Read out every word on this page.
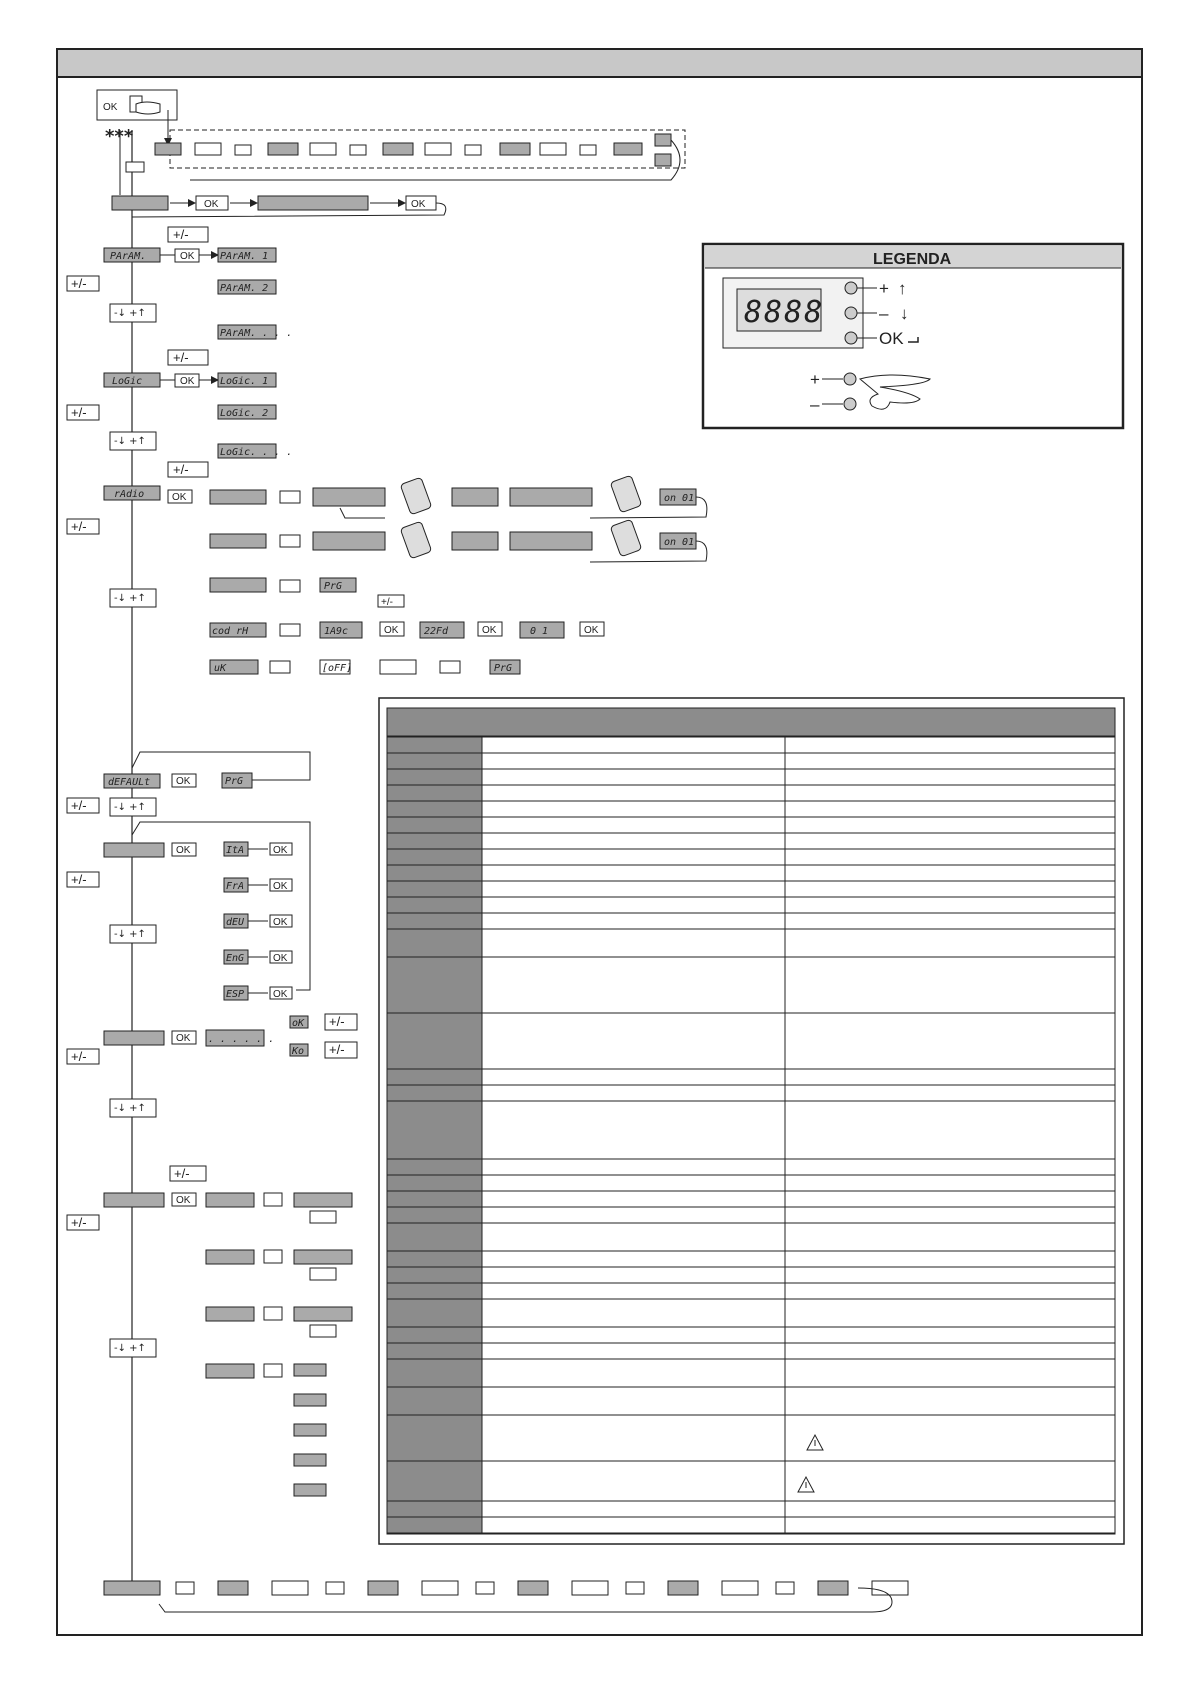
OK
***
OK	OK
PArAM.	OK
+/-
+/-
-↓ +↑
PArAM. 1
PArAM. 2
PArAM. . . .
LoGic	OK
+/-
+/-
-↓ +↑
LoGic. 1
LoGic. 2
LoGic. . . .
rAdio	OK
+/-
+/-
-↓ +↑
on 01
on 01
PrG
cod rH	1A9c	OK	22Fd	OK	0 1	OK
+/-
uK	[oFF]	PrG
dEFAULt	OK	PrG
+/-	-↓ +↑
OK
+/-
-↓ +↑
ItA	OK
FrA	OK
dEU	OK
EnG	OK
ESP	OK
OK . . . . . .
oK
Ko
+/-
+/-
+/-
-↓ +↑
OK
+/-
+/-
-↓ +↑
LEGENDA
8888
+ ↑
– ↓
OK
+
–
